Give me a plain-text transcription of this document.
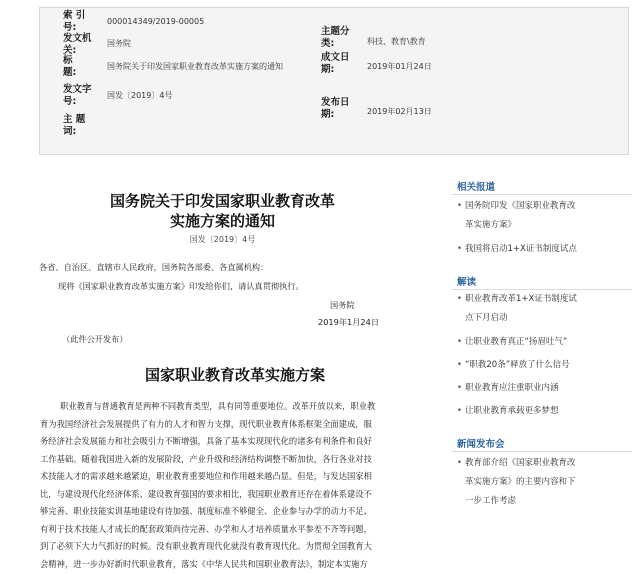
索 引
号:
000014349/2019-00005
发文机
关:
国务院
标
题:
国务院关于印发国家职业教育改革实施方案的通知
发文字
号:
国发〔2019〕4号
主 题
词:
主题分
类:	科技、教育\教育
成文日
期:	2019年01月24日
发布日
期:	2019年02月13日
国务院关于印发国家职业教育改革
实施方案的通知
国发〔2019〕4号
各省、自治区、直辖市人民政府，国务院各部委、各直属机构：
现将《国家职业教育改革实施方案》印发给你们，请认真贯彻执行。
国务院
2019年1月24日
（此件公开发布）
国家职业教育改革实施方案
职业教育与普通教育是两种不同教育类型，具有同等重要地位。改革开放以来，职业教
育为我国经济社会发展提供了有力的人才和智力支撑，现代职业教育体系框架全面建成，服
务经济社会发展能力和社会吸引力不断增强，具备了基本实现现代化的诸多有利条件和良好
工作基础。随着我国进入新的发展阶段，产业升级和经济结构调整不断加快，各行各业对技
术技能人才的需求越来越紧迫，职业教育重要地位和作用越来越凸显。但是，与发达国家相
比，与建设现代化经济体系、建设教育强国的要求相比，我国职业教育还存在着体系建设不
够完善、职业技能实训基地建设有待加强、制度标准不够健全、企业参与办学的动力不足、
有利于技术技能人才成长的配套政策尚待完善、办学和人才培养质量水平参差不齐等问题，
到了必须下大力气抓好的时候。没有职业教育现代化就没有教育现代化。为贯彻全国教育大
会精神，进一步办好新时代职业教育，落实《中华人民共和国职业教育法》，制定本实施方
相关报道
• 国务院印发《国家职业教育改
革实施方案》
• 我国将启动1+X证书制度试点
解读
• 职业教育改革1+X证书制度试
点下月启动
• 让职业教育真正“扬眉吐气”
• “职教20条”释放了什么信号
• 职业教育应注重职业内涵
• 让职业教育承载更多梦想
新闻发布会
• 教育部介绍《国家职业教育改
革实施方案》的主要内容和下
一步工作考虑
